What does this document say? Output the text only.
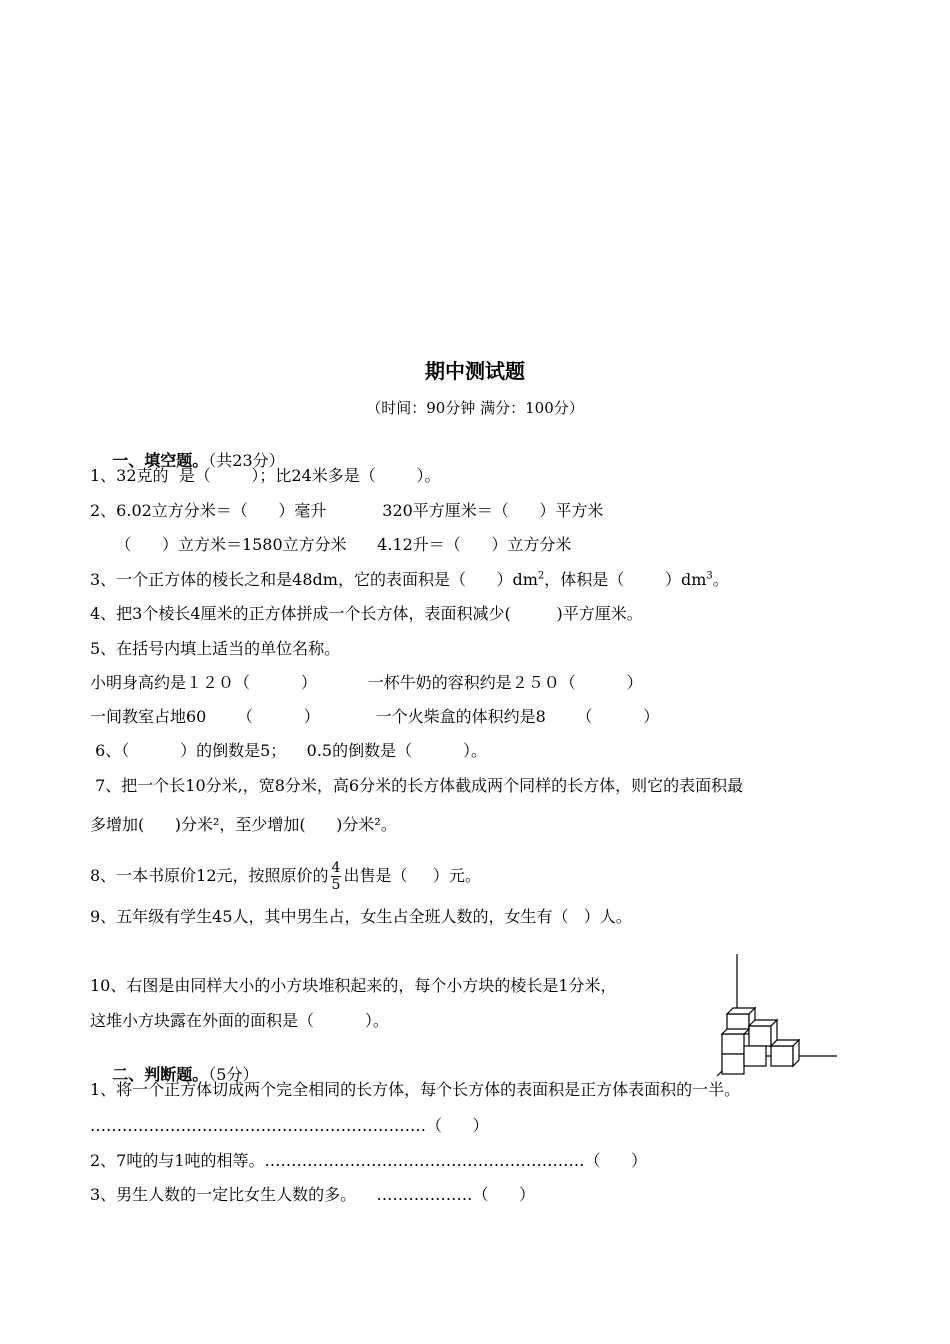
期中测试题
（时间：90分钟 满分：100分）

一、填空题。（共23分）

1、32克的  是（        ）；比24米多是（        ）。
2、6.02立方分米＝（      ）毫升           320平方厘米＝（      ）平方米
（      ）立方米＝1580立方分米      4.12升＝（      ）立方分米
3、一个正方体的棱长之和是48dm，它的表面积是（      ）$dm^2$，体积是（        ）$dm^3$。
4、把3个棱长4厘米的正方体拼成一个长方体，表面积减少(         )平方厘米。
5、在括号内填上适当的单位名称。
小明身高约是１２０（          ）          一杯牛奶的容积约是２５０（          ）
一间教室占地60      （          ）           一个火柴盒的体积约是8      （          ）
6、（          ）的倒数是5；    0.5的倒数是（          ）。
7、把一个长10分米,，宽8分米，高6分米的长方体截成两个同样的长方体，则它的表面积最
多增加(      )分米²，至少增加(      )分米²。
8、一本书原价12元，按照原价的 $\frac{4}{5}$ 出售是（     ）元。
9、五年级有学生45人，其中男生占，女生占全班人数的，女生有（   ）人。
10、右图是由同样大小的小方块堆积起来的，每个小方块的棱长是1分米，
这堆小方块露在外面的面积是（          ）。

二、判断题。（5分）

1、将一个正方体切成两个完全相同的长方体，每个长方体的表面积是正方体表面积的一半。
………………………………………………………（      ）
2、7吨的与1吨的相等。……………………………………………………（      ）
3、男生人数的一定比女生人数的多。    ………………（      ）
